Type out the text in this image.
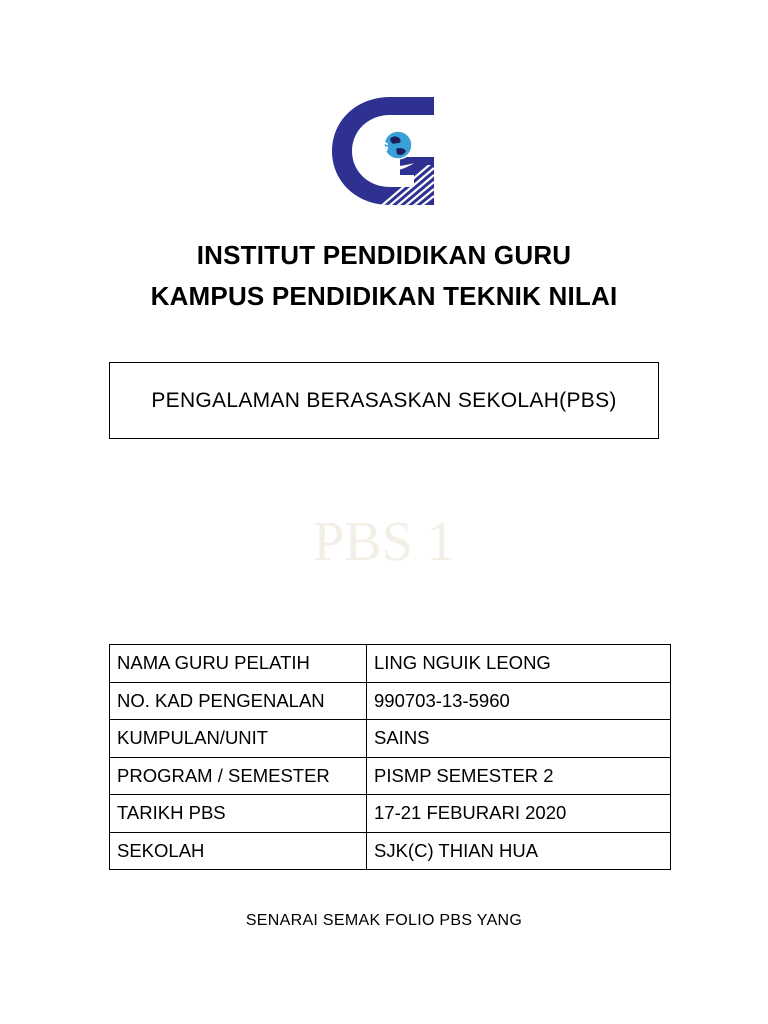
iPG
INSTITUT PENDIDIKAN GURU
KAMPUS PENDIDIKAN TEKNIK NILAI
PENGALAMAN BERASASKAN SEKOLAH(PBS)
PBS 1
NAMA GURU PELATIH	LING NGUIK LEONG
NO. KAD PENGENALAN	990703-13-5960
KUMPULAN/UNIT	SAINS
PROGRAM / SEMESTER	PISMP SEMESTER 2
TARIKH PBS	17-21 FEBURARI 2020
SEKOLAH	SJK(C) THIAN HUA
SENARAI SEMAK FOLIO PBS YANG
